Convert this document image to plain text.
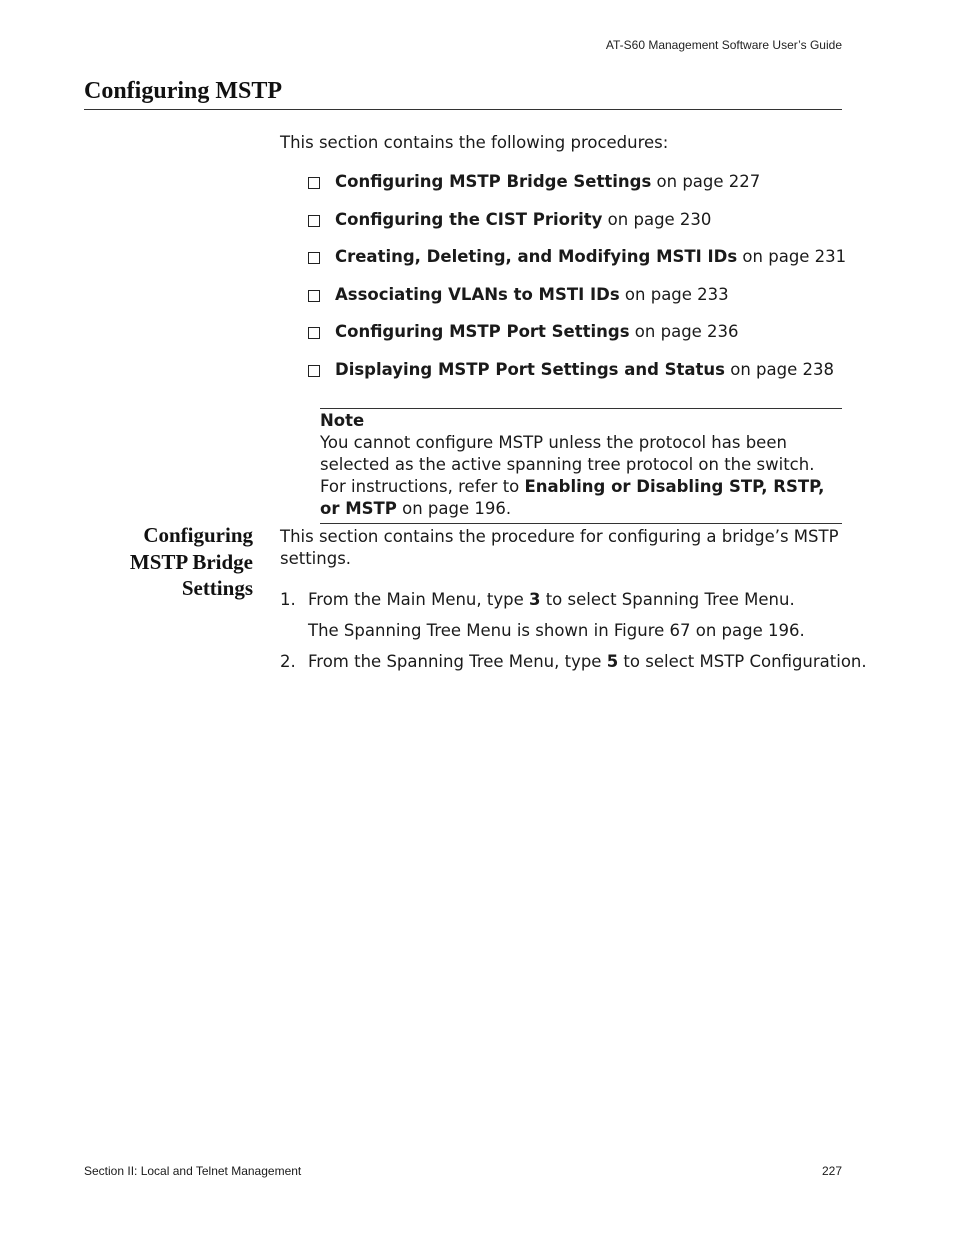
AT-S60 Management Software User’s Guide
Configuring MSTP
This section contains the following procedures:
Configuring MSTP Bridge Settings on page 227
Configuring the CIST Priority on page 230
Creating, Deleting, and Modifying MSTI IDs on page 231
Associating VLANs to MSTI IDs on page 233
Configuring MSTP Port Settings on page 236
Displaying MSTP Port Settings and Status on page 238
Note
You cannot configure MSTP unless the protocol has been selected as the active spanning tree protocol on the switch. For instructions, refer to Enabling or Disabling STP, RSTP, or MSTP on page 196.
Configuring
MSTP Bridge
Settings
This section contains the procedure for configuring a bridge’s MSTP settings.
1. From the Main Menu, type 3 to select Spanning Tree Menu.
The Spanning Tree Menu is shown in Figure 67 on page 196.
2. From the Spanning Tree Menu, type 5 to select MSTP Configuration.
Section II: Local and Telnet Management	227
